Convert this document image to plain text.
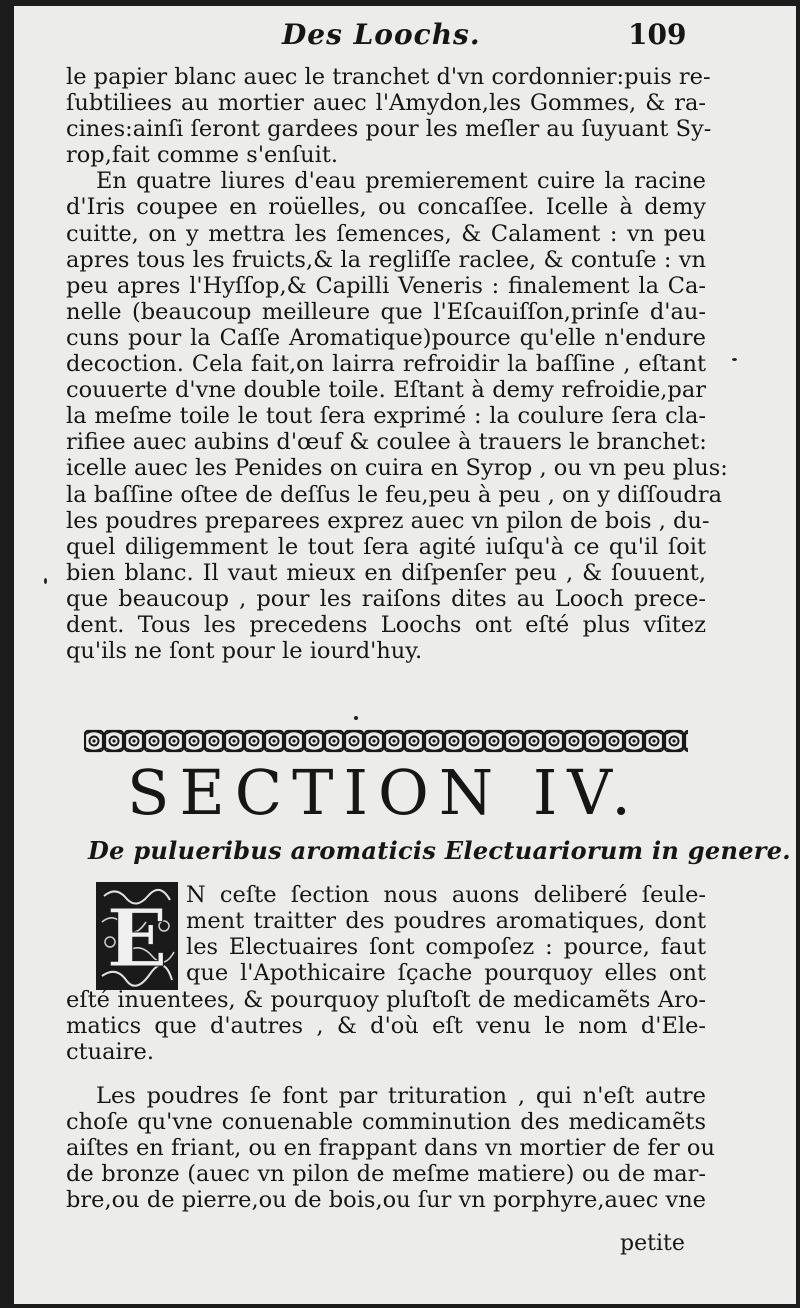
Des Loochs.	109
le papier blanc auec le tranchet d'vn cordonnier:puis re-
ſubtiliees au mortier auec l'Amydon,les Gommes, & ra-
cines:ainſi ſeront gardees pour les meſler au ſuyuant Sy-
rop,fait comme s'enſuit.
En quatre liures d'eau premierement cuire la racine
d'Iris coupee en roüelles, ou concaſſee. Icelle à demy
cuitte, on y mettra les ſemences, & Calament : vn peu
apres tous les fruicts,& la regliſſe raclee, & contuſe : vn
peu apres l'Hyſſop,& Capilli Veneris : finalement la Ca-
nelle (beaucoup meilleure que l'Eſcauiſſon,prinſe d'au-
cuns pour la Caſſe Aromatique)pource qu'elle n'endure
decoction. Cela fait,on lairra refroidir la baſſine , eſtant
couuerte d'vne double toile. Eſtant à demy refroidie,par
la meſme toile le tout ſera exprimé : la coulure ſera cla-
rifiee auec aubins d'œuf & coulee à trauers le branchet:
icelle auec les Penides on cuira en Syrop , ou vn peu plus:
la baſſine oſtee de deſſus le feu,peu à peu , on y diſſoudra
les poudres preparees exprez auec vn pilon de bois , du-
quel diligemment le tout ſera agité iuſqu'à ce qu'il ſoit
bien blanc. Il vaut mieux en diſpenſer peu , & ſouuent,
que beaucoup , pour les raiſons dites au Looch prece-
dent. Tous les precedens Loochs ont eſté plus vſitez
qu'ils ne ſont pour le iourd'huy.
SECTION IV.
De pulueribus aromaticis Electuariorum in genere.
E N ceſte ſection nous auons deliberé ſeule-
ment traitter des poudres aromatiques, dont
les Electuaires ſont compoſez : pource, faut
que l'Apothicaire ſçache pourquoy elles ont
eſté inuentees, & pourquoy pluſtoſt de medicamẽts Aro-
matics que d'autres , & d'où eſt venu le nom d'Ele-
ctuaire.
Les poudres ſe font par trituration , qui n'eſt autre
choſe qu'vne conuenable comminution des medicamẽts
aiſtes en friant, ou en frappant dans vn mortier de fer ou
de bronze (auec vn pilon de meſme matiere) ou de mar-
bre,ou de pierre,ou de bois,ou ſur vn porphyre,auec vne
petite
